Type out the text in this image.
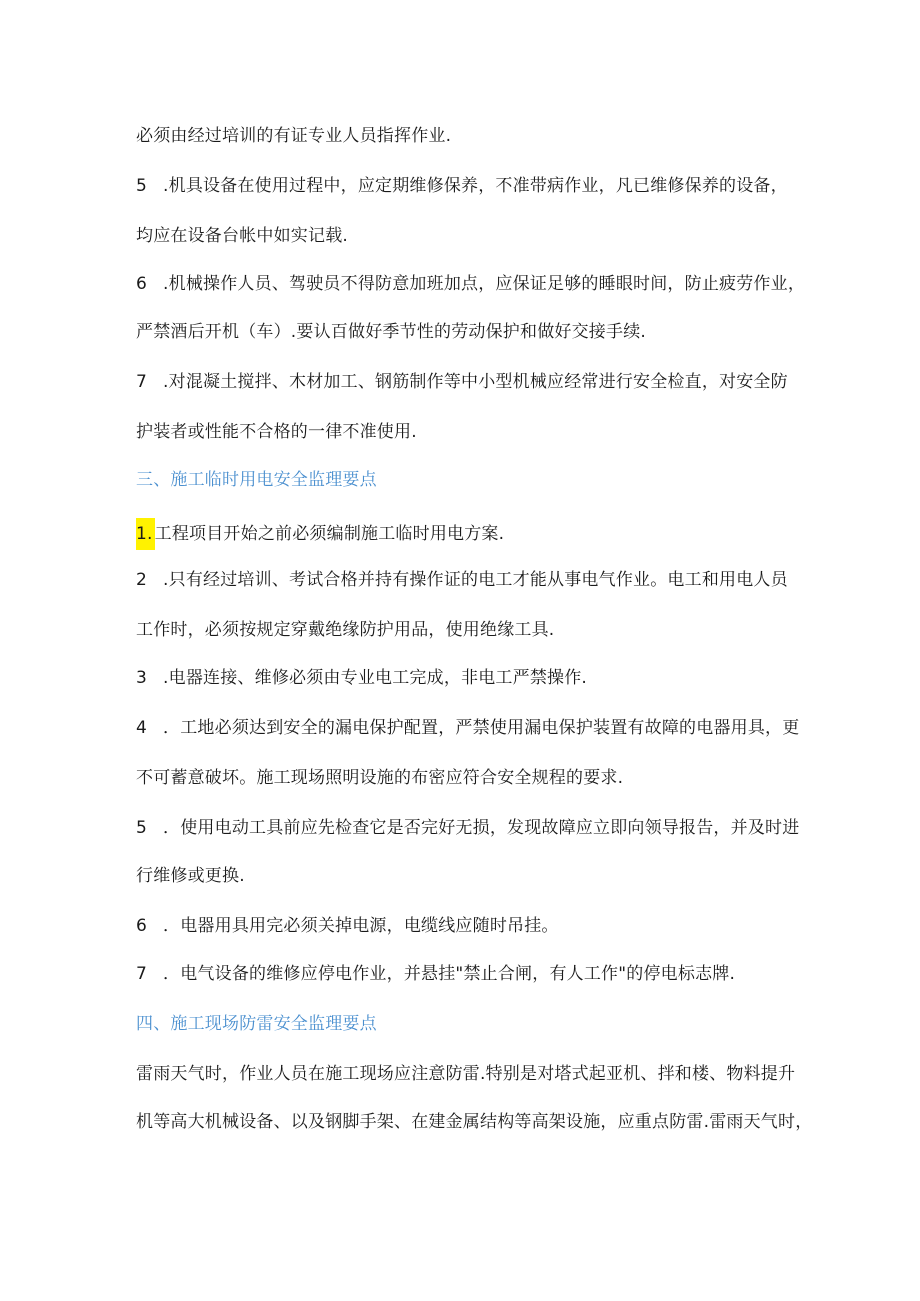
必须由经过培训的有证专业人员指挥作业.
5 .机具设备在使用过程中，应定期维修保养，不准带病作业，凡已维修保养的设备，
均应在设备台帐中如实记载.
6 .机械操作人员、驾驶员不得防意加班加点，应保证足够的睡眼时间，防止疲劳作业，
严禁酒后开机（车）.要认百做好季节性的劳动保护和做好交接手续.
7 .对混凝土搅拌、木材加工、钢筋制作等中小型机械应经常进行安全检直，对安全防
护装者或性能不合格的一律不准使用.
三、施工临时用电安全监理要点
1. 工程项目开始之前必须编制施工临时用电方案.
2 .只有经过培训、考试合格并持有操作证的电工才能从事电气作业。电工和用电人员
工作时，必须按规定穿戴绝缘防护用品，使用绝缘工具.
3 .电器连接、维修必须由专业电工完成，非电工严禁操作.
4 ．工地必须达到安全的漏电保护配置，严禁使用漏电保护装置有故障的电器用具，更
不可蓄意破坏。施工现场照明设施的布密应符合安全规程的要求.
5 ．使用电动工具前应先检查它是否完好无损，发现故障应立即向领导报告，并及时进
行维修或更换.
6 ．电器用具用完必须关掉电源，电缆线应随时吊挂。
7 ．电气设备的维修应停电作业，并悬挂"禁止合闸，有人工作"的停电标志牌.
四、施工现场防雷安全监理要点
雷雨天气时，作业人员在施工现场应注意防雷.特别是对塔式起亚机、拌和楼、物料提升
机等高大机械设备、以及钢脚手架、在建金属结构等高架设施，应重点防雷.雷雨天气时，
